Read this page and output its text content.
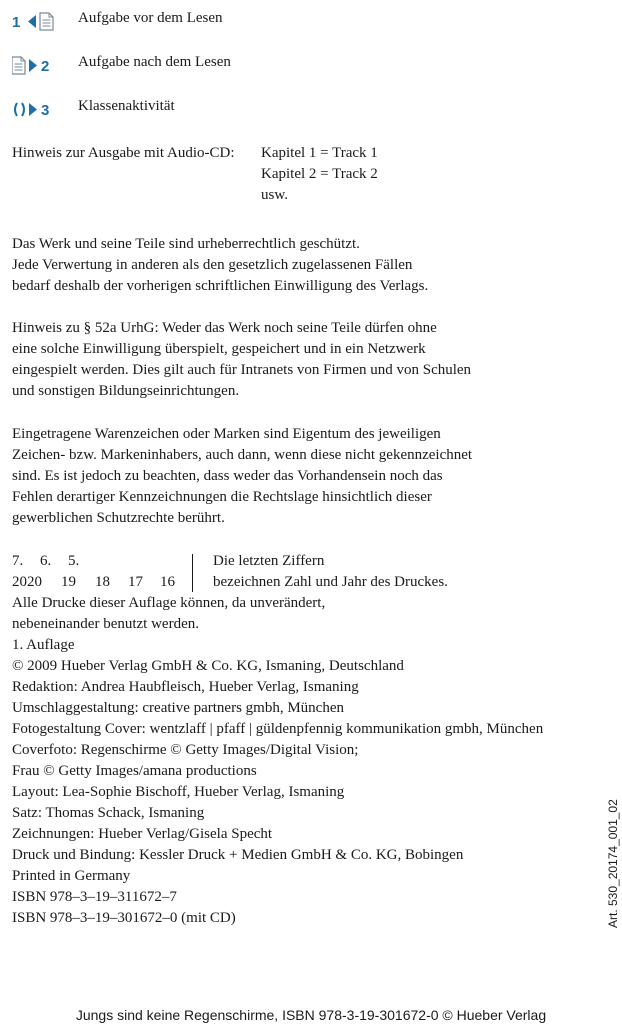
1	Aufgabe vor dem Lesen
2 Aufgabe nach dem Lesen
3 Klassenaktivität
Hinweis zur Ausgabe mit Audio-CD: Kapitel 1 = Track 1
Kapitel 2 = Track 2
usw.
Das Werk und seine Teile sind urheberrechtlich geschützt.
Jede Verwertung in anderen als den gesetzlich zugelassenen Fällen
bedarf deshalb der vorherigen schriftlichen Einwilligung des Verlags.
Hinweis zu § 52a UrhG: Weder das Werk noch seine Teile dürfen ohne
eine solche Einwilligung überspielt, gespeichert und in ein Netzwerk
eingespielt werden. Dies gilt auch für Intranets von Firmen und von Schulen
und sonstigen Bildungseinrichtungen.
Eingetragene Warenzeichen oder Marken sind Eigentum des jeweiligen
Zeichen- bzw. Markeninhabers, auch dann, wenn diese nicht gekennzeichnet
sind. Es ist jedoch zu beachten, dass weder das Vorhandensein noch das
Fehlen derartiger Kennzeichnungen die Rechtslage hinsichtlich dieser
gewerblichen Schutzrechte berührt.
7. 6. 5.
2020 19 18 17 16
Die letzten Ziffern
bezeichnen Zahl und Jahr des Druckes.
Alle Drucke dieser Auflage können, da unverändert,
nebeneinander benutzt werden.
1. Auflage
© 2009 Hueber Verlag GmbH & Co. KG, Ismaning, Deutschland
Redaktion: Andrea Haubfleisch, Hueber Verlag, Ismaning
Umschlaggestaltung: creative partners gmbh, München
Fotogestaltung Cover: wentzlaff | pfaff | güldenpfennig kommunikation gmbh, München
Coverfoto: Regenschirme © Getty Images/Digital Vision;
Frau © Getty Images/amana productions
Layout: Lea-Sophie Bischoff, Hueber Verlag, Ismaning
Satz: Thomas Schack, Ismaning
Zeichnungen: Hueber Verlag/Gisela Specht
Druck und Bindung: Kessler Druck + Medien GmbH & Co. KG, Bobingen
Printed in Germany
ISBN 978–3–19–311672–7
ISBN 978–3–19–301672–0 (mit CD)	Art. 530_20174_001_02
Jungs sind keine Regenschirme, ISBN 978-3-19-301672-0 © Hueber Verlag
